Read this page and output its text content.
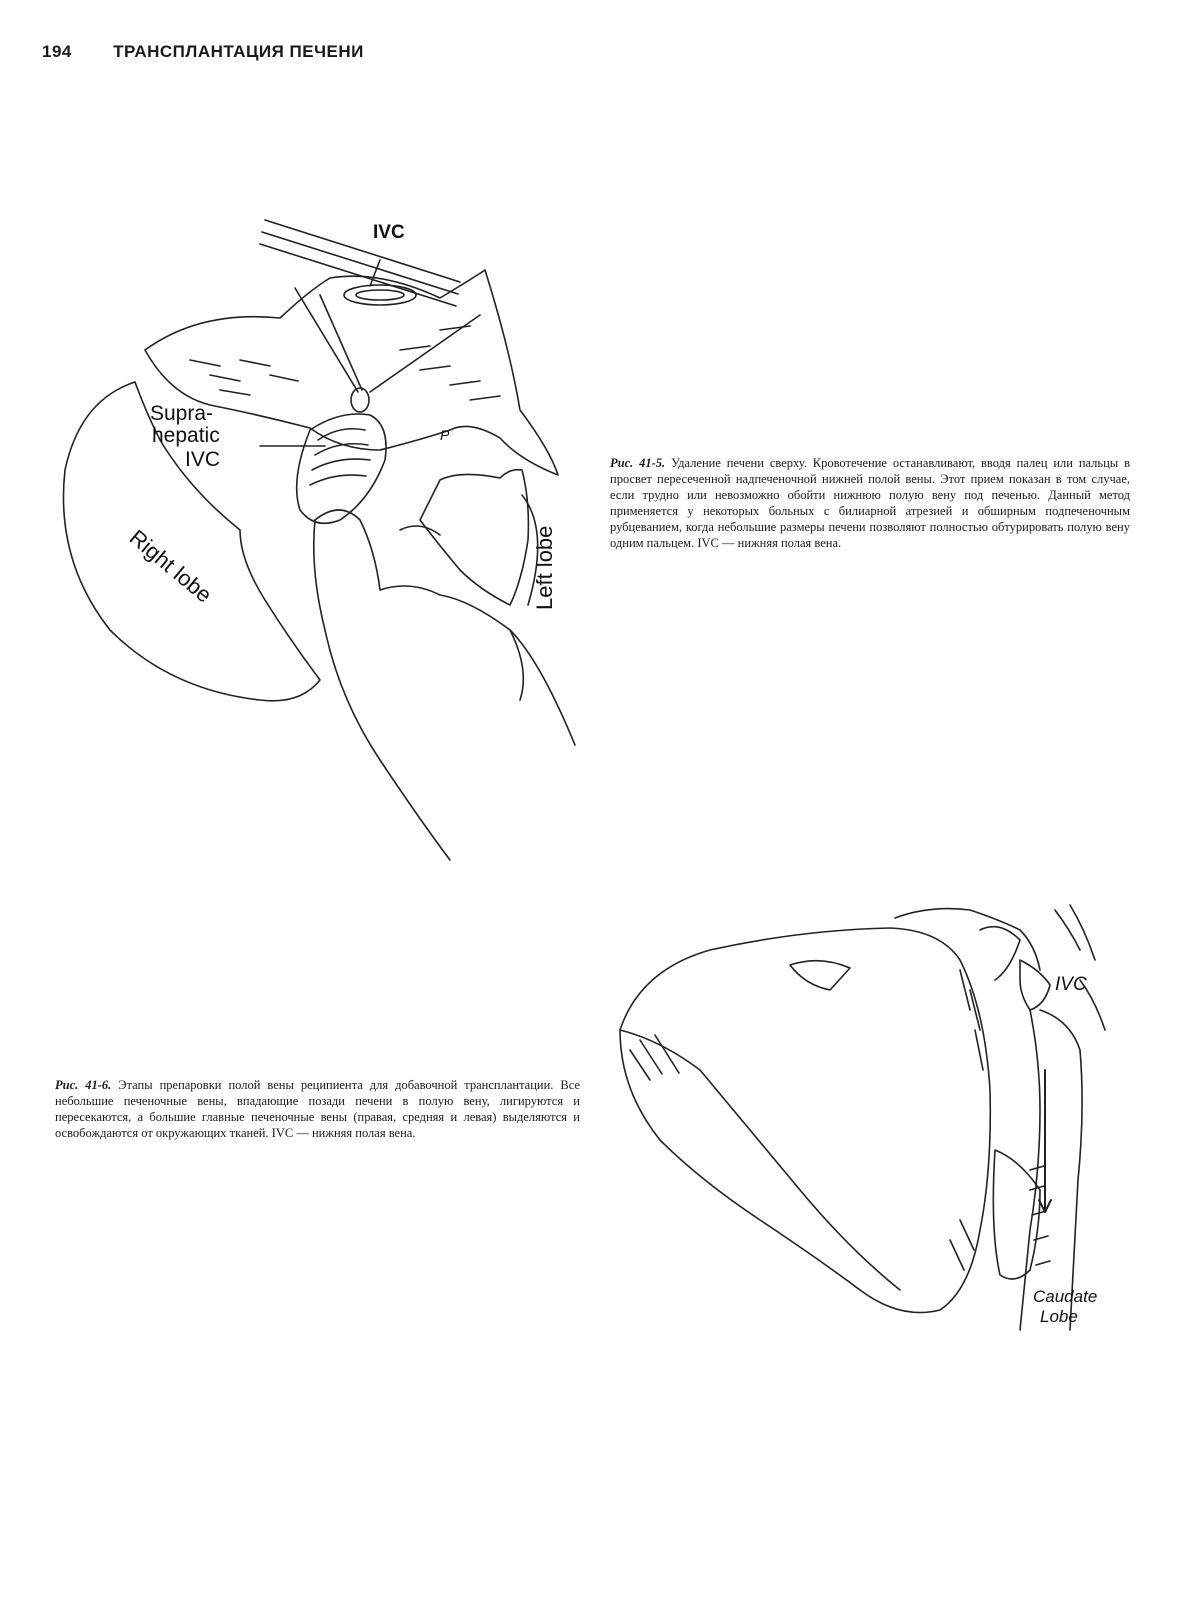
194 ТРАНСПЛАНТАЦИЯ ПЕЧЕНИ
IVC
Supra-
hepatic
IVC
P
Right lobe	Left lobe

Рис. 41-5. Удаление печени сверху. Кровотечение останавливают, вводя палец или пальцы в просвет пересеченной надпеченочной нижней полой вены. Этот прием показан в том случае, если трудно или невозможно обойти нижнюю полую вену под печенью. Данный метод применяется у некоторых больных с билиарной атрезией и обширным подпеченочным рубцеванием, когда небольшие размеры печени позволяют полностью обтурировать полую вену одним пальцем. IVC — нижняя полая вена.

IVC
Caudate
Lobe

Рис. 41-6. Этапы препаровки полой вены реципиента для добавочной трансплантации. Все небольшие печеночные вены, впадающие позади печени в полую вену, лигируются и пересекаются, а большие главные печеночные вены (правая, средняя и левая) выделяются и освобождаются от окружающих тканей. IVC — нижняя полая вена.
